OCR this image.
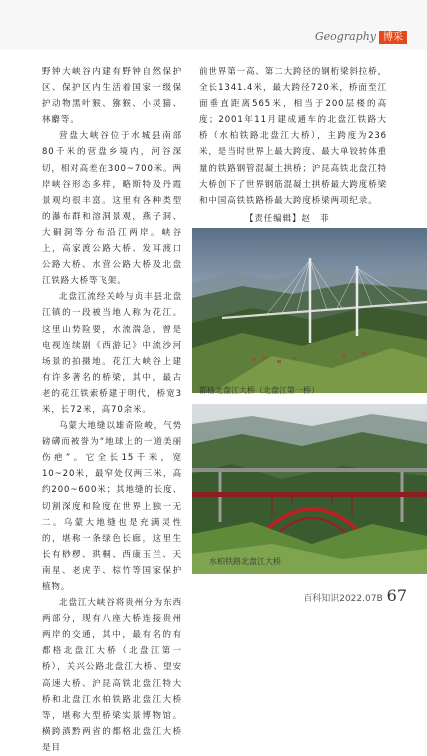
Geography 博采

野钟大峡谷内建有野钟自然保护区、保护区内生活着国家一级保护动物黑叶猴、猕猴、小灵猫、林麝等。

营盘大峡谷位于水城县南部80千米的营盘乡境内，河谷深切，相对高差在300~700米。两岸峡谷形态多样，略斯特及丹霞景观均很丰富。这里有各种类型的瀑布群和溶洞景观，燕子洞、大硐洞等分布沿江两岸。峡谷上，高家渡公路大桥、发耳渡口公路大桥、水营公路大桥及北盘江铁路大桥等飞架。

北盘江流经关岭与贞丰县北盘江镇的一段被当地人称为花江。这里山势险要，水流湍急，曾是电视连续剧《西游记》中流沙河场景的拍摄地。花江大峡谷上建有许多著名的桥梁，其中，最古老的花江铁索桥建于明代，桥宽3米，长72米，高70余米。

乌蒙大地缝以雄奇险峻，气势磅礴而被誉为“地球上的一道美丽伤疤”。它全长15千米，宽10~20米，最窄处仅两三米，高约200~600米；其地缝的长度、切割深度和险度在世界上独一无二。乌蒙大地缝也是充满灵性的，堪称一条绿色长廊，这里生长有桫椤、珙桐、西康玉兰、天南星、老虎芋、棕竹等国家保护植物。

北盘江大峡谷将贵州分为东西两部分，现有八座大桥连接贵州两岸的交通，其中，最有名的有都格北盘江大桥（北盘江第一桥），关兴公路北盘江大桥、望安高速大桥、沪昆高铁北盘江特大桥和北盘江水柏铁路北盘江大桥等，堪称大型桥梁实景博物馆。横跨滇黔两省的都格北盘江大桥是目

前世界第一高、第二大跨径的钢桁梁斜拉桥，全长1341.4米，最大跨径720米，桥面至江面垂直距离565米，相当于200层楼的高度；2001年11月建成通车的北盘江铁路大桥（水柏铁路北盘江大桥），主跨度为236米，是当时世界上最大跨度、最大单铰转体重量的铁路钢管混凝土拱桥；沪昆高铁北盘江特大桥创下了世界钢筋混凝土拱桥最大跨度桥梁和中国高铁铁路桥最大跨度桥梁两项纪录。

【责任编辑】赵　菲
都格北盘江大桥（北盘江第一桥）
水柏铁路北盘江大桥
百科知识2022.07B 67
